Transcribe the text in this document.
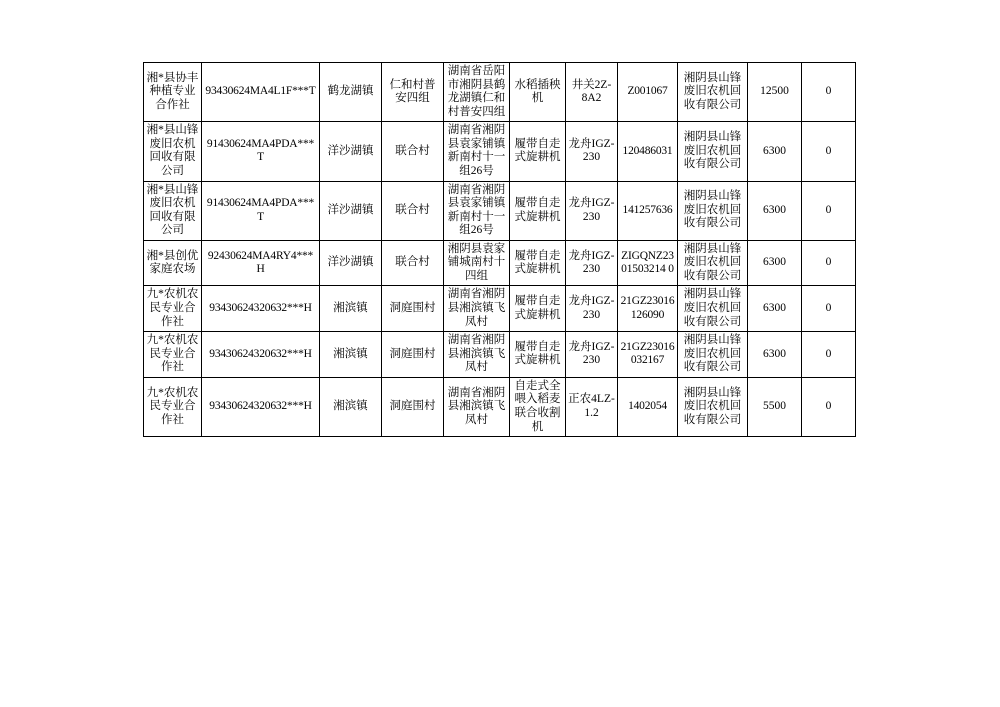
湘*县协丰种植专业合作社	93430624MA4L1F***T	鹤龙湖镇	仁和村普安四组	湖南省岳阳市湘阴县鹤龙湖镇仁和村普安四组	水稻插秧机	井关2Z-8A2	Z001067	湘阴县山锋废旧农机回收有限公司	12500	0
湘*县山锋废旧农机回收有限公司	91430624MA4PDA***T	洋沙湖镇	联合村	湖南省湘阴县袁家铺镇新南村十一组26号	履带自走式旋耕机	龙舟IGZ-230	120486031	湘阴县山锋废旧农机回收有限公司	6300	0
湘*县山锋废旧农机回收有限公司	91430624MA4PDA***T	洋沙湖镇	联合村	湖南省湘阴县袁家铺镇新南村十一组26号	履带自走式旋耕机	龙舟IGZ-230	141257636	湘阴县山锋废旧农机回收有限公司	6300	0
湘*县创优家庭农场	92430624MA4RY4***H	洋沙湖镇	联合村	湘阴县袁家铺城南村十四组	履带自走式旋耕机	龙舟IGZ-230	ZIGQNZ2301503214 0	湘阴县山锋废旧农机回收有限公司	6300	0
九*农机农民专业合作社	93430624320632***H	湘滨镇	洞庭围村	湖南省湘阴县湘滨镇飞凤村	履带自走式旋耕机	龙舟IGZ-230	21GZ23016126090	湘阴县山锋废旧农机回收有限公司	6300	0
九*农机农民专业合作社	93430624320632***H	湘滨镇	洞庭围村	湖南省湘阴县湘滨镇飞凤村	履带自走式旋耕机	龙舟IGZ-230	21GZ23016032167	湘阴县山锋废旧农机回收有限公司	6300	0
九*农机农民专业合作社	93430624320632***H	湘滨镇	洞庭围村	湖南省湘阴县湘滨镇飞凤村	自走式全喂入稻麦联合收割机	正农4LZ-1.2	1402054	湘阴县山锋废旧农机回收有限公司	5500	0
